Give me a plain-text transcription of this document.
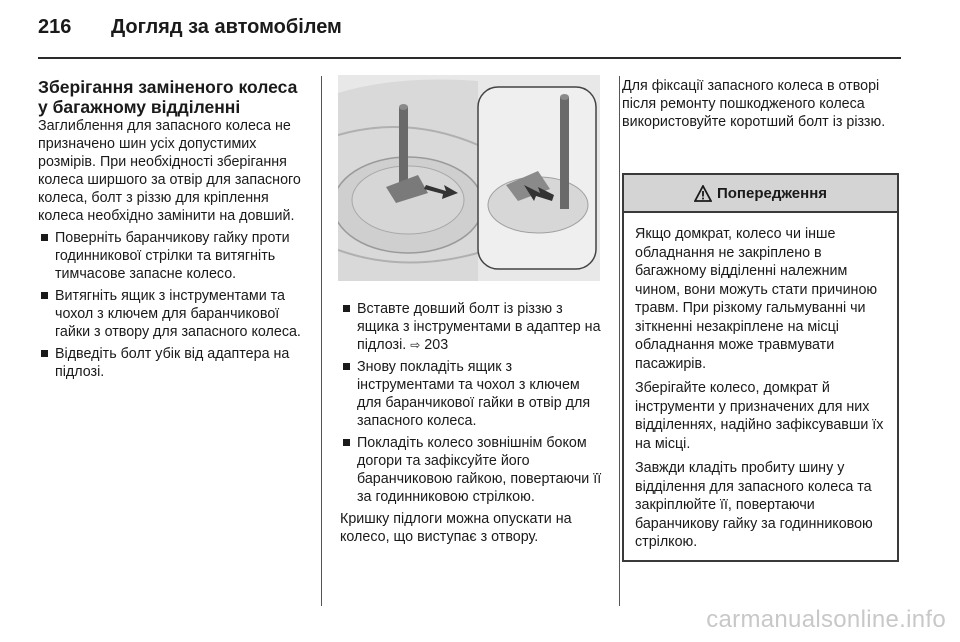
216 Догляд за автомобілем
Зберігання заміненого колеса
у багажному відділенні

Заглиблення для запасного колеса не призначено шин усіх допустимих розмірів. При необхідності зберігання колеса ширшого за отвір для запасного колеса, болт з різзю для кріплення колеса необхідно замінити на довший.

Поверніть баранчикову гайку проти годинникової стрілки та витягніть тимчасове запасне колесо.
Витягніть ящик з інструментами та чохол з ключем для баранчикової гайки з отвору для запасного колеса.
Відведіть болт убік від адаптера на підлозі.
Вставте довший болт із різзю з ящика з інструментами в адаптер на підлозі. ⇨ 203
Знову покладіть ящик з інструментами та чохол з ключем для баранчикової гайки в отвір для запасного колеса.
Покладіть колесо зовнішнім боком догори та зафіксуйте його баранчиковою гайкою, повертаючи її за годинниковою стрілкою.

Кришку підлоги можна опускати на колесо, що виступає з отвору.

Для фіксації запасного колеса в отворі після ремонту пошкодженого колеса використовуйте коротший болт із різзю.

Попередження

Якщо домкрат, колесо чи інше обладнання не закріплено в багажному відділенні належним чином, вони можуть стати причиною травм. При різкому гальмуванні чи зіткненні незакріплене на місці обладнання може травмувати пасажирів.

Зберігайте колесо, домкрат й інструменти у призначених для них відділеннях, надійно зафіксувавши їх на місці.

Завжди кладіть пробиту шину у відділення для запасного колеса та закріплюйте її, повертаючи баранчикову гайку за годинниковою стрілкою.

carmanualsonline.info
